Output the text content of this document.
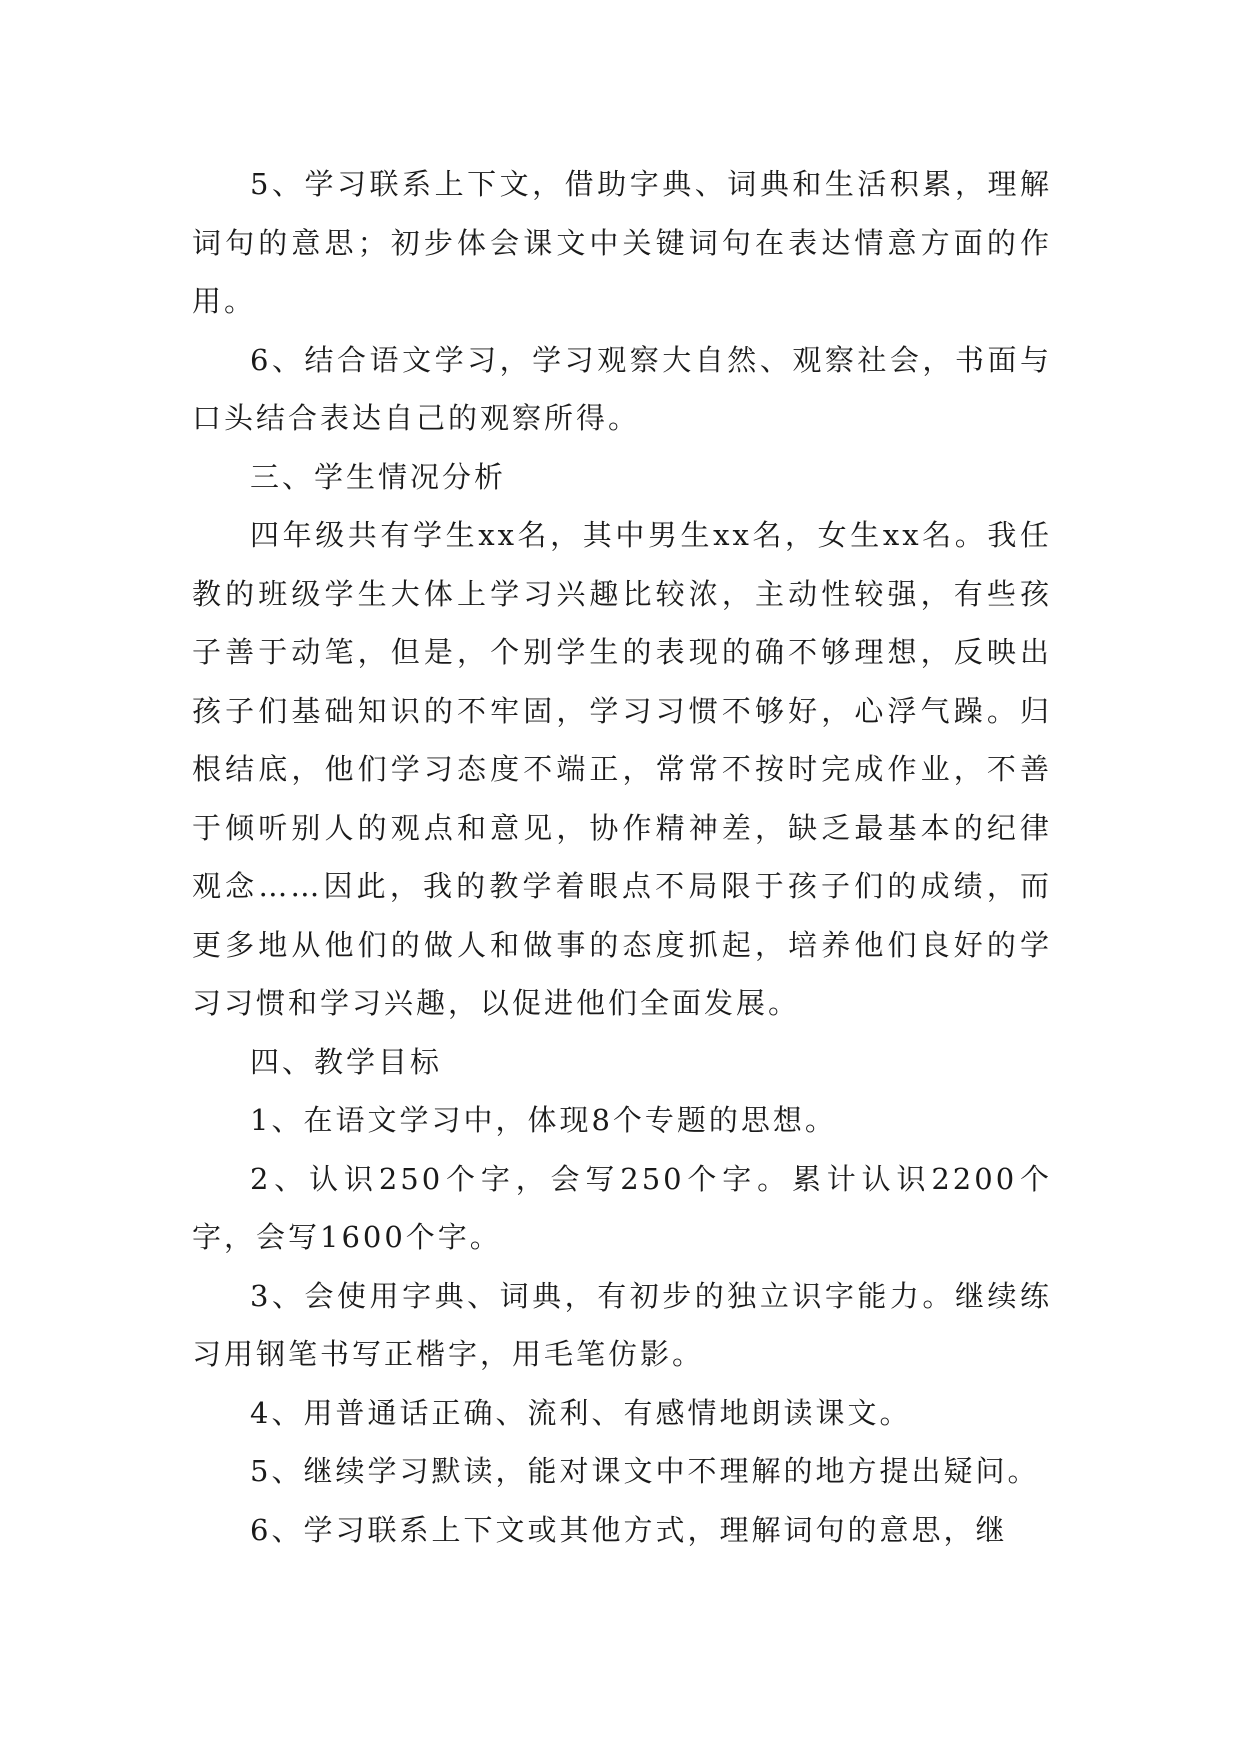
5、学习联系上下文，借助字典、词典和生活积累，理解词句的意思；初步体会课文中关键词句在表达情意方面的作用。

6、结合语文学习，学习观察大自然、观察社会，书面与口头结合表达自己的观察所得。

三、学生情况分析

四年级共有学生xx名，其中男生xx名，女生xx名。我任教的班级学生大体上学习兴趣比较浓，主动性较强，有些孩子善于动笔，但是，个别学生的表现的确不够理想，反映出孩子们基础知识的不牢固，学习习惯不够好，心浮气躁。归根结底，他们学习态度不端正，常常不按时完成作业，不善于倾听别人的观点和意见，协作精神差，缺乏最基本的纪律观念……因此，我的教学着眼点不局限于孩子们的成绩，而更多地从他们的做人和做事的态度抓起，培养他们良好的学习习惯和学习兴趣，以促进他们全面发展。

四、教学目标

1、在语文学习中，体现8个专题的思想。

2、认识250个字，会写250个字。累计认识2200个字，会写1600个字。

3、会使用字典、词典，有初步的独立识字能力。继续练习用钢笔书写正楷字，用毛笔仿影。

4、用普通话正确、流利、有感情地朗读课文。

5、继续学习默读，能对课文中不理解的地方提出疑问。

6、学习联系上下文或其他方式，理解词句的意思，继
